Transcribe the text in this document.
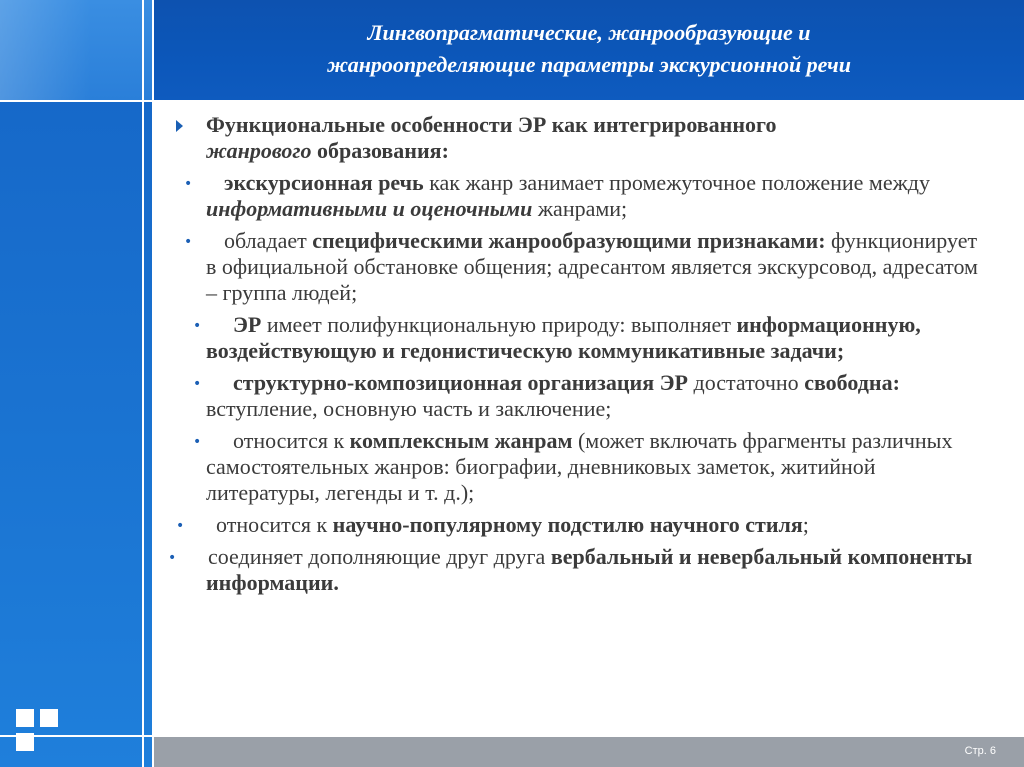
Лингвопрагматические, жанрообразующие и
жанроопределяющие параметры экскурсионной речи
Функциональные особенности ЭР как интегрированного
жанрового образования:
• экскурсионная речь как жанр занимает промежуточное положение между информативными и оценочными жанрами;
• обладает специфическими жанрообразующими признаками: функционирует в официальной обстановке общения; адресантом является экскурсовод, адресатом – группа людей;
• ЭР имеет полифункциональную природу: выполняет информационную, воздействующую и гедонистическую коммуникативные задачи;
• структурно-композиционная организация ЭР достаточно свободна: вступление, основную часть и заключение;
• относится к комплексным жанрам (может включать фрагменты различных самостоятельных жанров: биографии, дневниковых заметок, житийной литературы, легенды и т. д.);
• относится к научно-популярному подстилю научного стиля;
• соединяет дополняющие друг друга вербальный и невербальный компоненты информации.
Стр. 6
